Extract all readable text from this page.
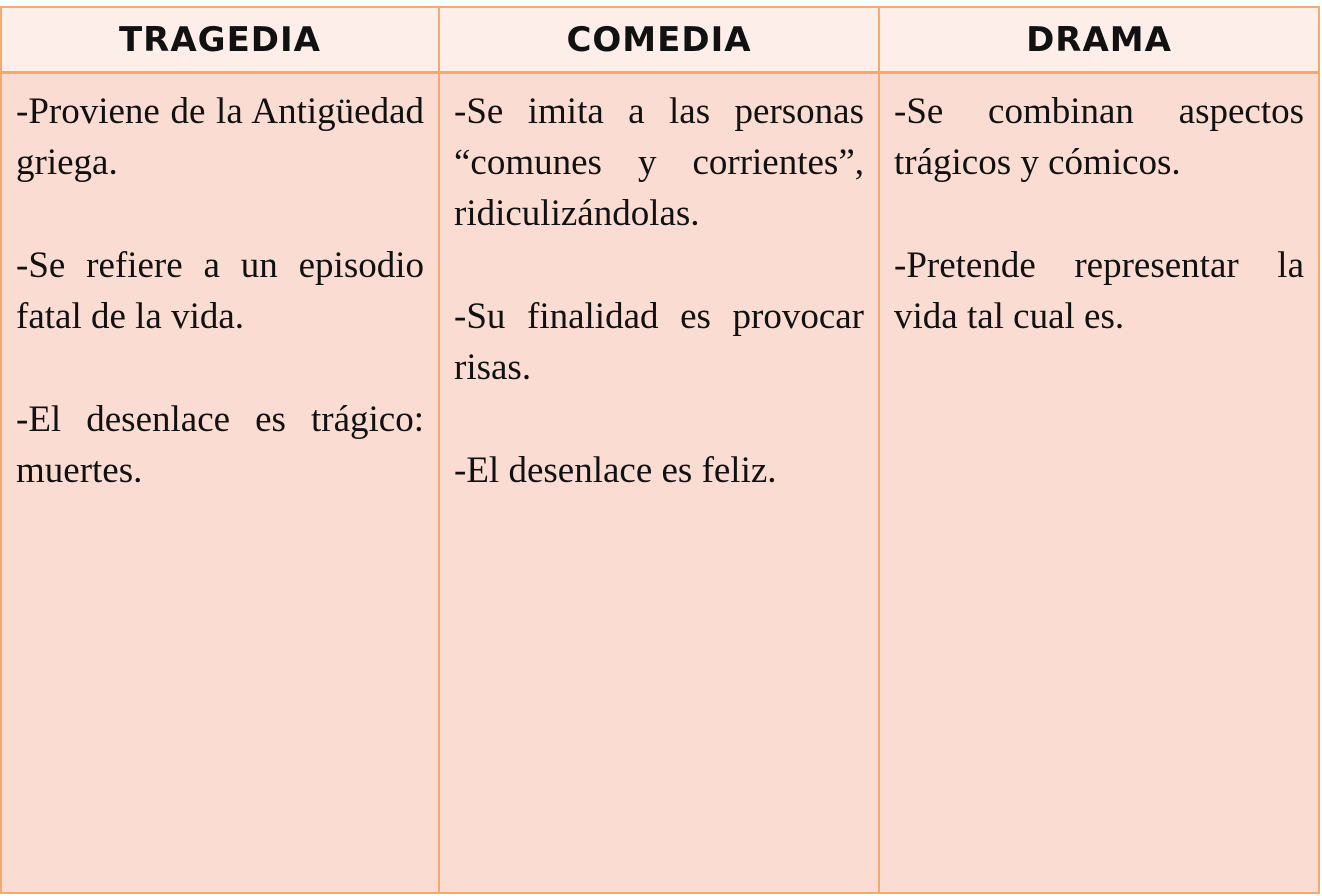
TRAGEDIA	COMEDIA	DRAMA

-Proviene de la Antigüedad griega.

-Se refiere a un episodio fatal de la vida.

-El desenlace es trágico: muertes.

-Se imita a las personas “comunes y corrientes”, ridiculizándolas.

-Su finalidad es provocar risas.

-El desenlace es feliz.

-Se combinan aspectos trágicos y cómicos.

-Pretende representar la vida tal cual es.
